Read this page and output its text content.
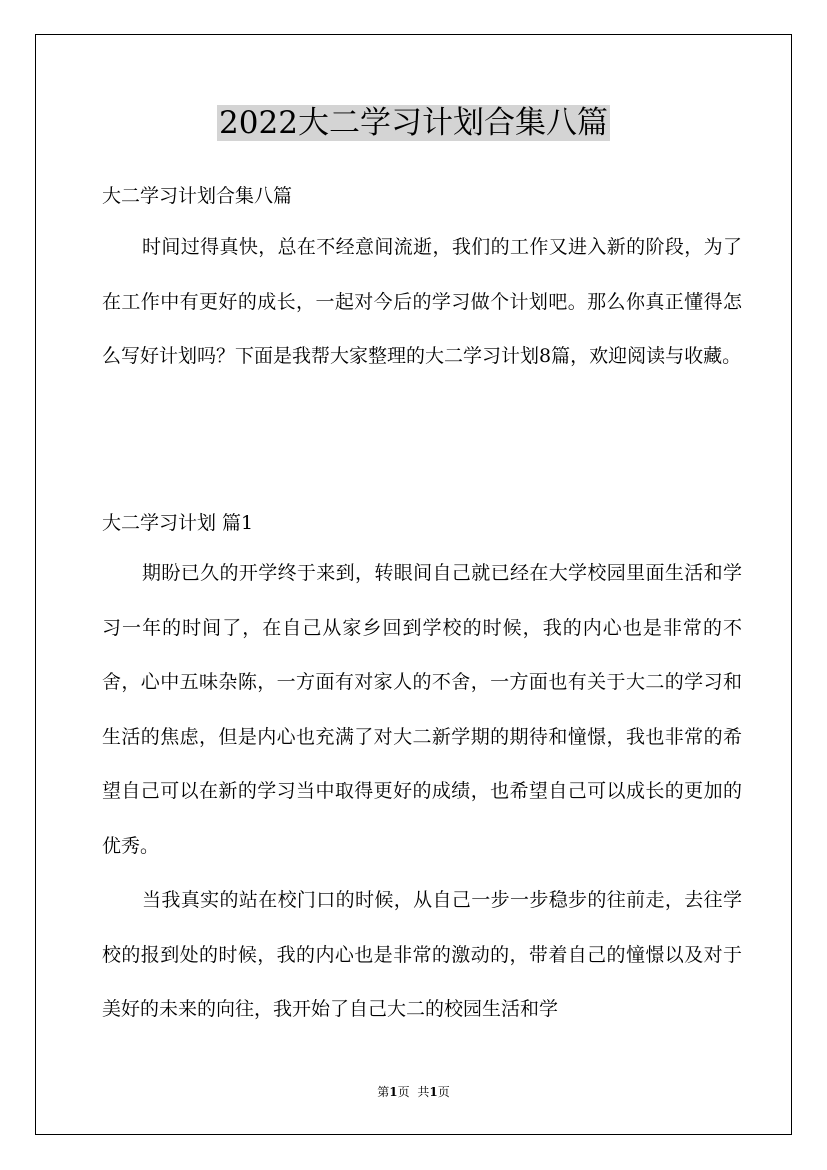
2022大二学习计划合集八篇
大二学习计划合集八篇

时间过得真快，总在不经意间流逝，我们的工作又进入新的阶段，为了在工作中有更好的成长，一起对今后的学习做个计划吧。那么你真正懂得怎么写好计划吗？下面是我帮大家整理的大二学习计划8篇，欢迎阅读与收藏。

大二学习计划 篇1

期盼已久的开学终于来到，转眼间自己就已经在大学校园里面生活和学习一年的时间了，在自己从家乡回到学校的时候，我的内心也是非常的不舍，心中五味杂陈，一方面有对家人的不舍，一方面也有关于大二的学习和生活的焦虑，但是内心也充满了对大二新学期的期待和憧憬，我也非常的希望自己可以在新的学习当中取得更好的成绩，也希望自己可以成长的更加的优秀。

当我真实的站在校门口的时候，从自己一步一步稳步的往前走，去往学校的报到处的时候，我的内心也是非常的激动的，带着自己的憧憬以及对于美好的未来的向往，我开始了自己大二的校园生活和学

第1页 共1页
